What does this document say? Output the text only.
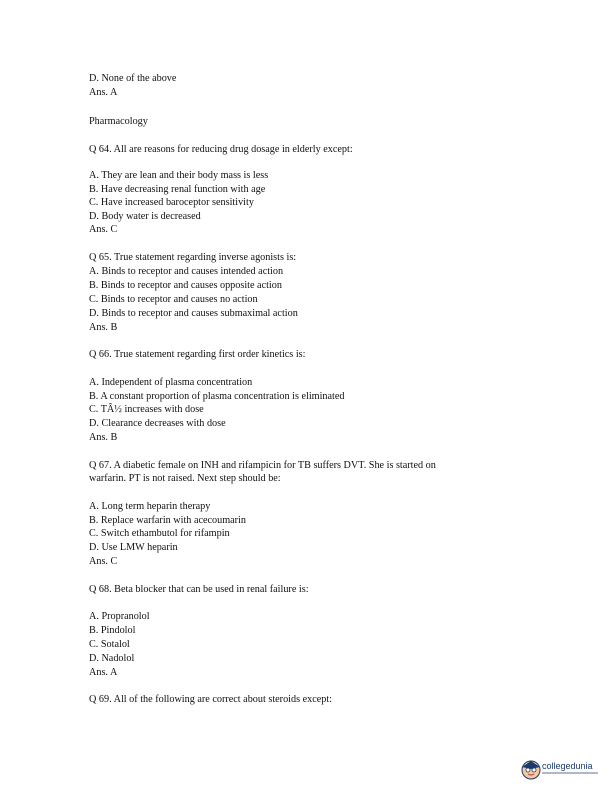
D. None of the above
Ans. A
Pharmacology
Q 64. All are reasons for reducing drug dosage in elderly except:
A. They are lean and their body mass is less
B. Have decreasing renal function with age
C. Have increased baroceptor sensitivity
D. Body water is decreased
Ans. C
Q 65. True statement regarding inverse agonists is:
A. Binds to receptor and causes intended action
B. Binds to receptor and causes opposite action
C. Binds to receptor and causes no action
D. Binds to receptor and causes submaximal action
Ans. B
Q 66. True statement regarding first order kinetics is:
A. Independent of plasma concentration
B. A constant proportion of plasma concentration is eliminated
C. TÂ½ increases with dose
D. Clearance decreases with dose
Ans. B
Q 67. A diabetic female on INH and rifampicin for TB suffers DVT. She is started on
warfarin. PT is not raised. Next step should be:
A. Long term heparin therapy
B. Replace warfarin with acecoumarin
C. Switch ethambutol for rifampin
D. Use LMW heparin
Ans. C
Q 68. Beta blocker that can be used in renal failure is:
A. Propranolol
B. Pindolol
C. Sotalol
D. Nadolol
Ans. A
Q 69. All of the following are correct about steroids except:
collegedunia
